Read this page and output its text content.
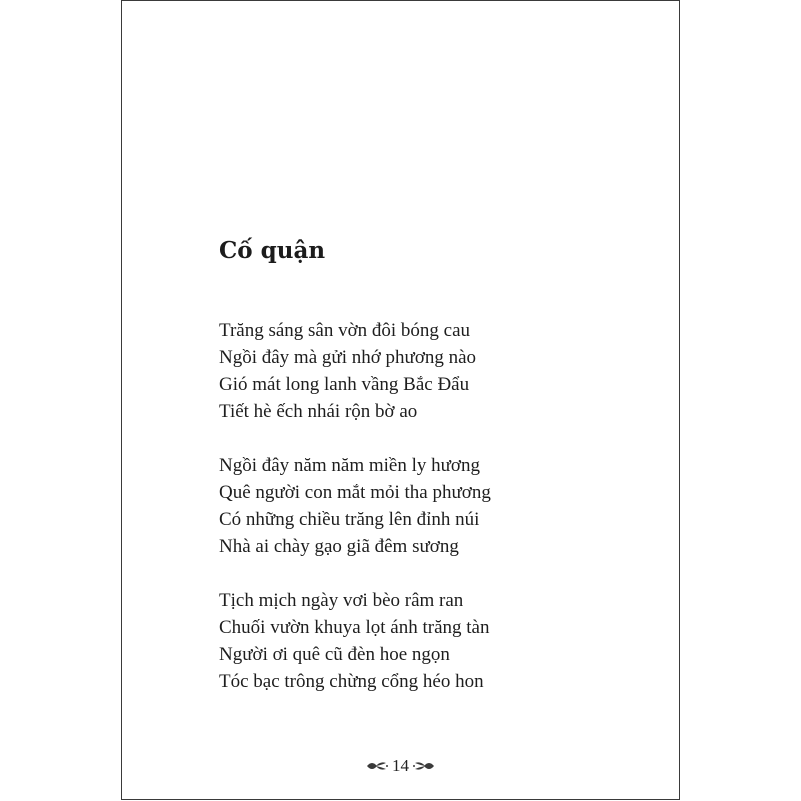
Cố quận
Trăng sáng sân vờn đôi bóng cau
Ngồi đây mà gửi nhớ phương nào
Gió mát long lanh vầng Bắc Đẩu
Tiết hè ếch nhái rộn bờ ao
Ngồi đây năm năm miền ly hương
Quê người con mắt mỏi tha phương
Có những chiều trăng lên đỉnh núi
Nhà ai chày gạo giã đêm sương
Tịch mịch ngày vơi bèo râm ran
Chuối vườn khuya lọt ánh trăng tàn
Người ơi quê cũ đèn hoe ngọn
Tóc bạc trông chừng cổng héo hon
14
